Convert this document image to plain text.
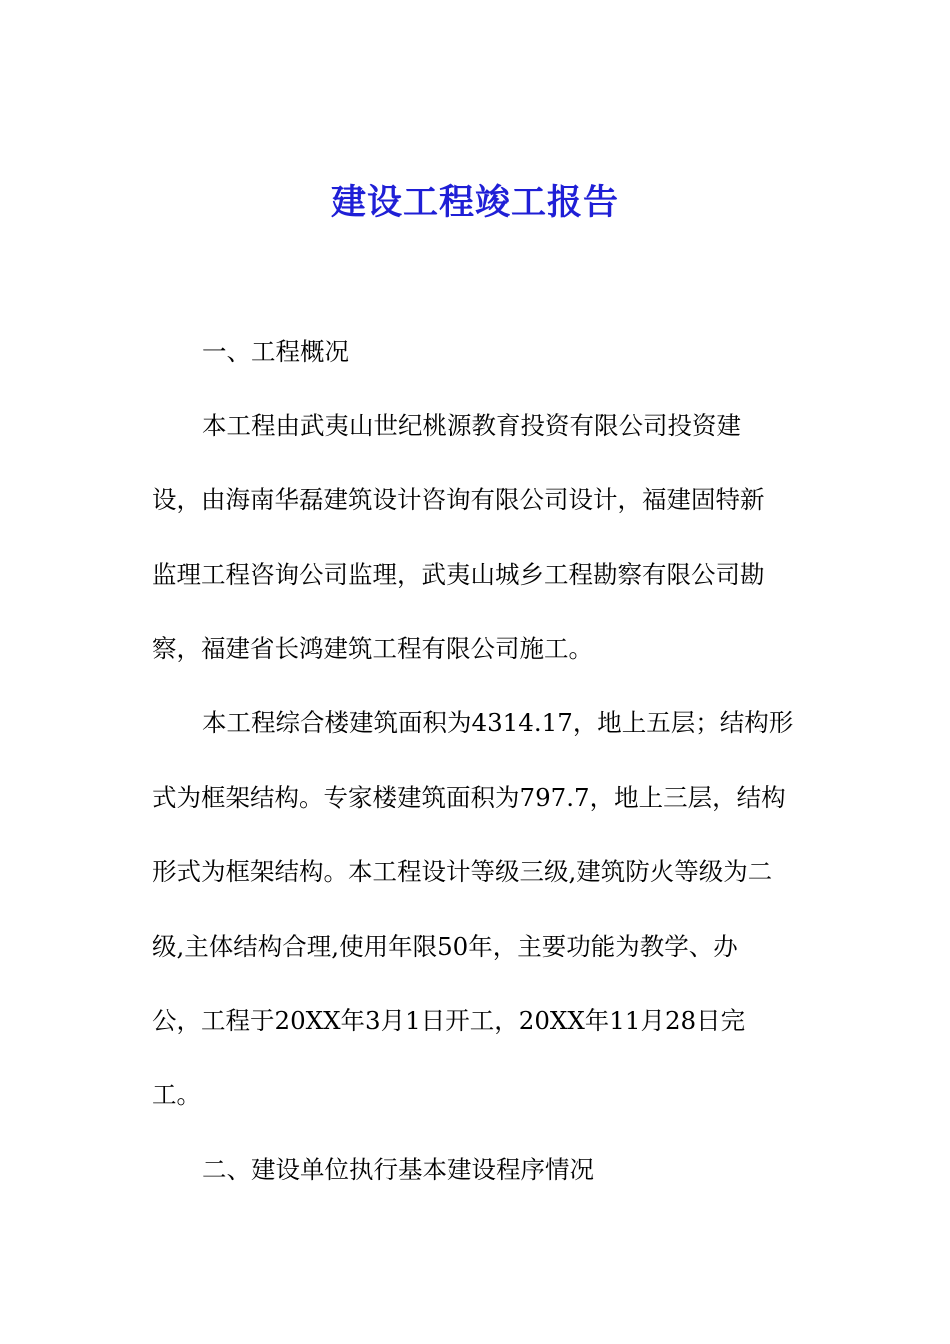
建设工程竣工报告
一、工程概况
本工程由武夷山世纪桃源教育投资有限公司投资建
设，由海南华磊建筑设计咨询有限公司设计，福建固特新
监理工程咨询公司监理，武夷山城乡工程勘察有限公司勘
察，福建省长鸿建筑工程有限公司施工。
本工程综合楼建筑面积为4314.17，地上五层；结构形
式为框架结构。专家楼建筑面积为797.7，地上三层，结构
形式为框架结构。本工程设计等级三级,建筑防火等级为二
级,主体结构合理,使用年限50年，主要功能为教学、办
公，工程于20XX年3月1日开工，20XX年11月28日完
工。
二、建设单位执行基本建设程序情况
